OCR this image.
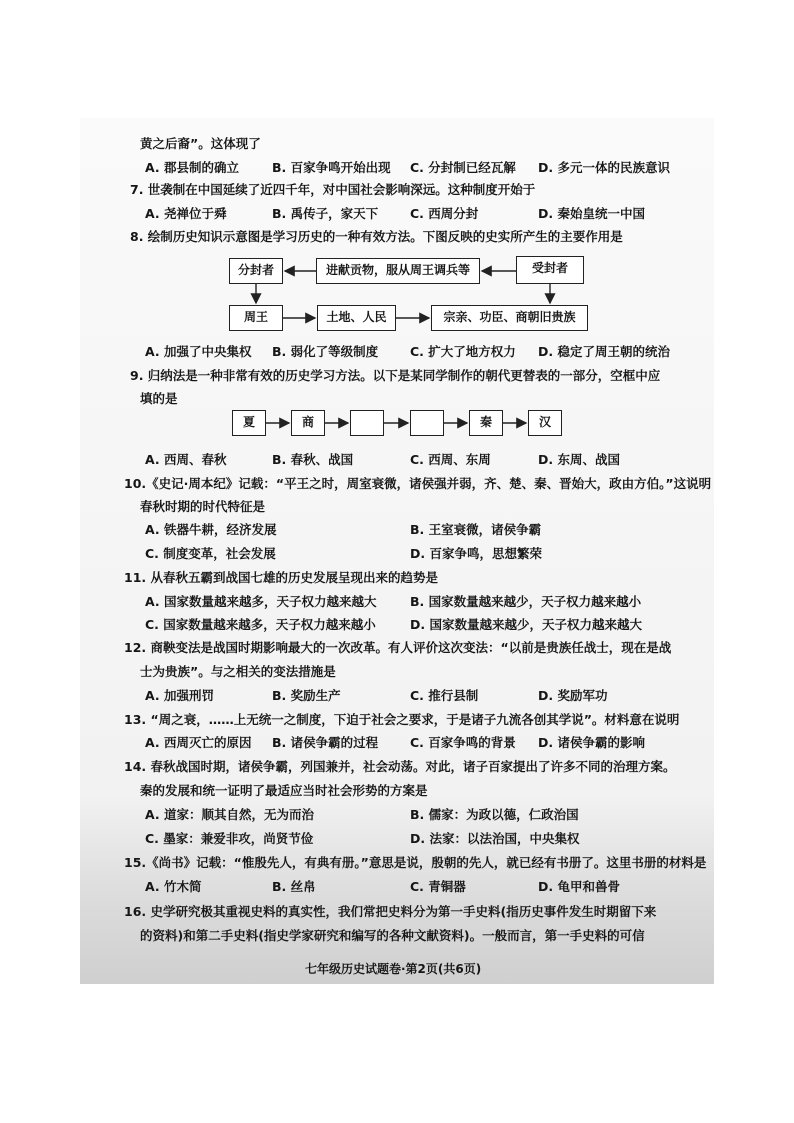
黄之后裔”。这体现了
A. 郡县制的确立	B. 百家争鸣开始出现 C. 分封制已经瓦解 D. 多元一体的民族意识
7. 世袭制在中国延续了近四千年，对中国社会影响深远。这种制度开始于
A. 尧禅位于舜	B. 禹传子，家天下	C. 西周分封	D. 秦始皇统一中国
8. 绘制历史知识示意图是学习历史的一种有效方法。下图反映的史实所产生的主要作用是
A. 加强了中央集权 B. 弱化了等级制度	C. 扩大了地方权力 D. 稳定了周王朝的统治
9. 归纳法是一种非常有效的历史学习方法。以下是某同学制作的朝代更替表的一部分，空框中应
填的是
A. 西周、春秋	B. 春秋、战国	C. 西周、东周	D. 东周、战国
10.《史记·周本纪》记载：“平王之时，周室衰微，诸侯强并弱，齐、楚、秦、晋始大，政由方伯。”这说明
春秋时期的时代特征是
A. 铁器牛耕，经济发展	B. 王室衰微，诸侯争霸
C. 制度变革，社会发展	D. 百家争鸣，思想繁荣
11. 从春秋五霸到战国七雄的历史发展呈现出来的趋势是
A. 国家数量越来越多，天子权力越来越大	B. 国家数量越来越少，天子权力越来越小
C. 国家数量越来越多，天子权力越来越小	D. 国家数量越来越少，天子权力越来越大
12. 商鞅变法是战国时期影响最大的一次改革。有人评价这次变法：“以前是贵族任战士，现在是战
士为贵族”。与之相关的变法措施是
A. 加强刑罚	B. 奖励生产	C. 推行县制	D. 奖励军功
13. “周之衰，……上无统一之制度，下迫于社会之要求，于是诸子九流各创其学说”。材料意在说明
A. 西周灭亡的原因 B. 诸侯争霸的过程	C. 百家争鸣的背景 D. 诸侯争霸的影响
14. 春秋战国时期，诸侯争霸，列国兼并，社会动荡。对此，诸子百家提出了许多不同的治理方案。
秦的发展和统一证明了最适应当时社会形势的方案是
A. 道家：顺其自然，无为而治	B. 儒家：为政以德，仁政治国
C. 墨家：兼爱非攻，尚贤节俭	D. 法家：以法治国，中央集权
15.《尚书》记载：“惟殷先人，有典有册。”意思是说，殷朝的先人，就已经有书册了。这里书册的材料是
A. 竹木简	B. 丝帛	C. 青铜器	D. 龟甲和兽骨
16. 史学研究极其重视史料的真实性，我们常把史料分为第一手史料(指历史事件发生时期留下来
的资料)和第二手史料(指史学家研究和编写的各种文献资料)。一般而言，第一手史料的可信
七年级历史试题卷·第2页(共6页)
分封者	进献贡物，服从周王调兵等	受封者
周王	土地、人民	宗亲、功臣、商朝旧贵族
夏	商	秦	汉
